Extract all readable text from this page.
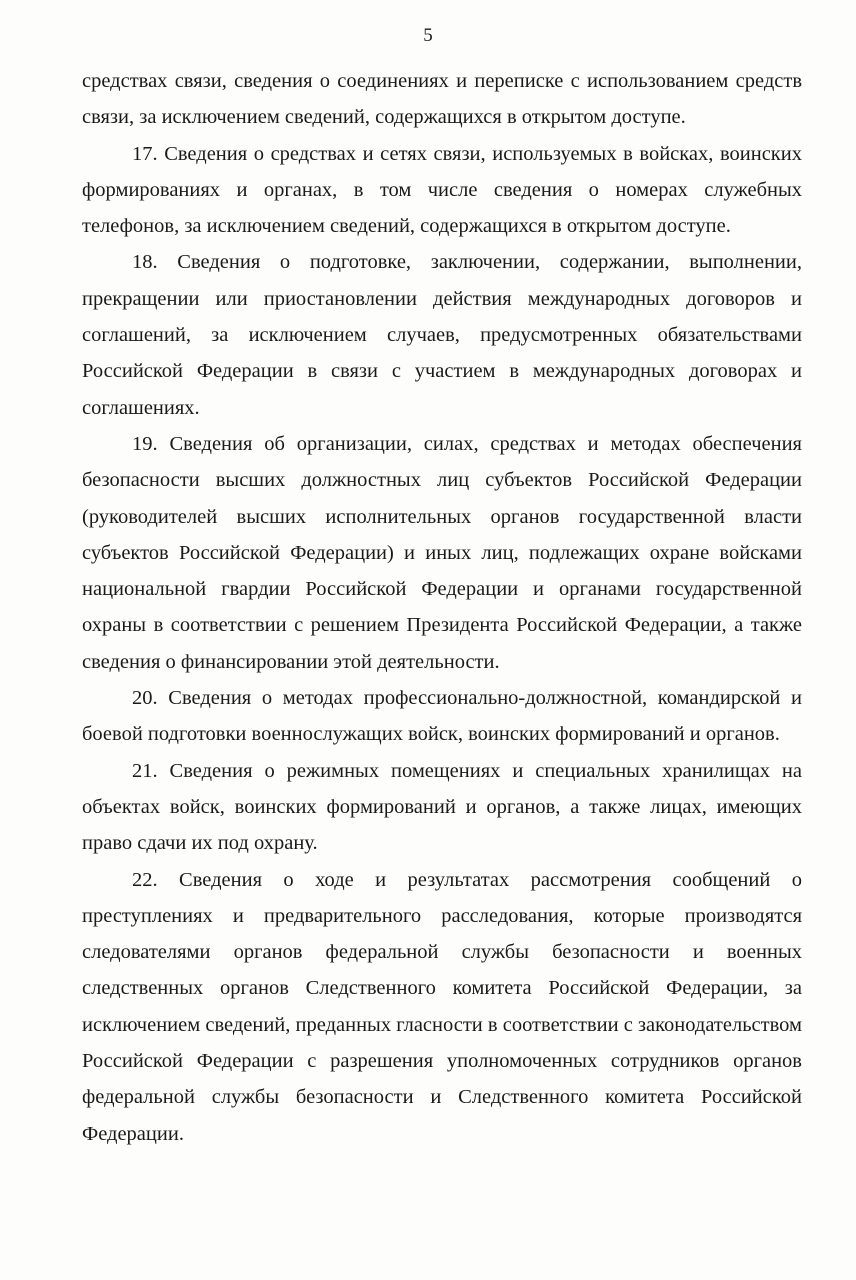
5

средствах связи, сведения о соединениях и переписке с использованием средств связи, за исключением сведений, содержащихся в открытом доступе.

17. Сведения о средствах и сетях связи, используемых в войсках, воинских формированиях и органах, в том числе сведения о номерах служебных телефонов, за исключением сведений, содержащихся в открытом доступе.

18. Сведения о подготовке, заключении, содержании, выполнении, прекращении или приостановлении действия международных договоров и соглашений, за исключением случаев, предусмотренных обязательствами Российской Федерации в связи с участием в международных договорах и соглашениях.

19. Сведения об организации, силах, средствах и методах обеспечения безопасности высших должностных лиц субъектов Российской Федерации (руководителей высших исполнительных органов государственной власти субъектов Российской Федерации) и иных лиц, подлежащих охране войсками национальной гвардии Российской Федерации и органами государственной охраны в соответствии с решением Президента Российской Федерации, а также сведения о финансировании этой деятельности.

20. Сведения о методах профессионально-должностной, командирской и боевой подготовки военнослужащих войск, воинских формирований и органов.

21. Сведения о режимных помещениях и специальных хранилищах на объектах войск, воинских формирований и органов, а также лицах, имеющих право сдачи их под охрану.

22. Сведения о ходе и результатах рассмотрения сообщений о преступлениях и предварительного расследования, которые производятся следователями органов федеральной службы безопасности и военных следственных органов Следственного комитета Российской Федерации, за исключением сведений, преданных гласности в соответствии с законодательством Российской Федерации с разрешения уполномоченных сотрудников органов федеральной службы безопасности и Следственного комитета Российской Федерации.
